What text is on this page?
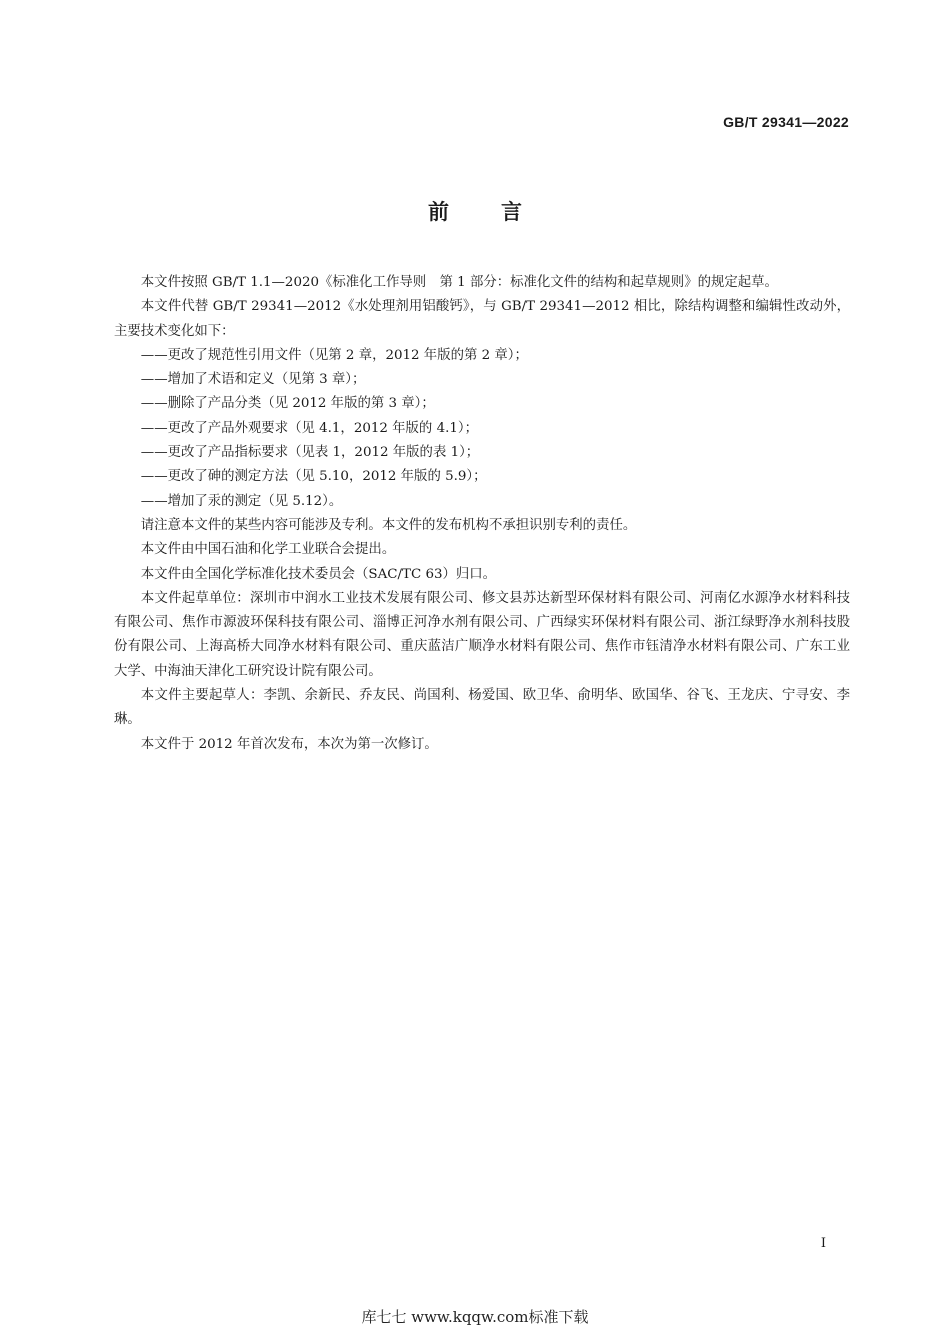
GB/T 29341—2022
前言

本文件按照 GB/T 1.1—2020《标准化工作导则　第 1 部分：标准化文件的结构和起草规则》的规定起草。

本文件代替 GB/T 29341—2012《水处理剂用铝酸钙》，与 GB/T 29341—2012 相比，除结构调整和编辑性改动外，主要技术变化如下：

——更改了规范性引用文件（见第 2 章，2012 年版的第 2 章）；

——增加了术语和定义（见第 3 章）；

——删除了产品分类（见 2012 年版的第 3 章）；

——更改了产品外观要求（见 4.1，2012 年版的 4.1）；

——更改了产品指标要求（见表 1，2012 年版的表 1）；

——更改了砷的测定方法（见 5.10，2012 年版的 5.9）；

——增加了汞的测定（见 5.12）。

请注意本文件的某些内容可能涉及专利。本文件的发布机构不承担识别专利的责任。

本文件由中国石油和化学工业联合会提出。

本文件由全国化学标准化技术委员会（SAC/TC 63）归口。

本文件起草单位：深圳市中润水工业技术发展有限公司、修文县苏达新型环保材料有限公司、河南亿水源净水材料科技有限公司、焦作市源波环保科技有限公司、淄博正河净水剂有限公司、广西绿实环保材料有限公司、浙江绿野净水剂科技股份有限公司、上海高桥大同净水材料有限公司、重庆蓝洁广顺净水材料有限公司、焦作市钰清净水材料有限公司、广东工业大学、中海油天津化工研究设计院有限公司。

本文件主要起草人：李凯、余新民、乔友民、尚国利、杨爱国、欧卫华、俞明华、欧国华、谷飞、王龙庆、宁寻安、李琳。

本文件于 2012 年首次发布，本次为第一次修订。

I
库七七 www.kqqw.com标准下载
